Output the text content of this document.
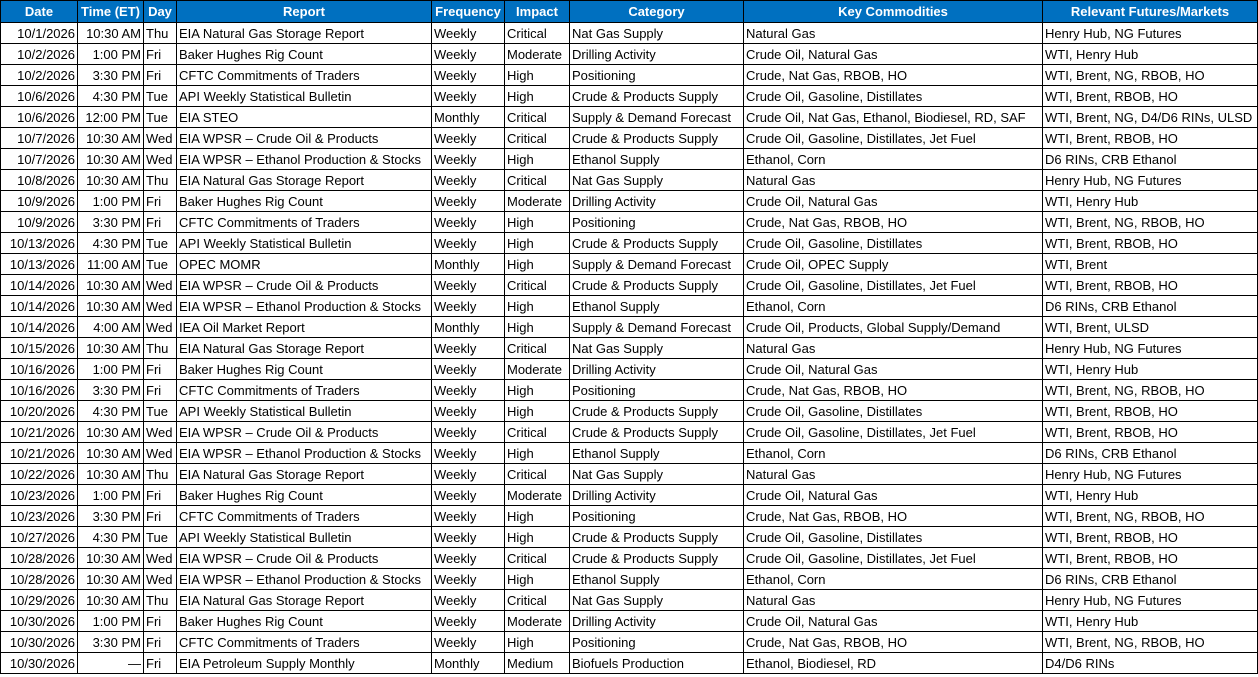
Date	Time (ET)	Day	Report	Frequency	Impact	Category	Key Commodities	Relevant Futures/Markets
10/1/2026	10:30 AM	Thu	EIA Natural Gas Storage Report	Weekly	Critical	Nat Gas Supply	Natural Gas	Henry Hub, NG Futures
10/2/2026	1:00 PM	Fri	Baker Hughes Rig Count	Weekly	Moderate	Drilling Activity	Crude Oil, Natural Gas	WTI, Henry Hub
10/2/2026	3:30 PM	Fri	CFTC Commitments of Traders	Weekly	High	Positioning	Crude, Nat Gas, RBOB, HO	WTI, Brent, NG, RBOB, HO
10/6/2026	4:30 PM	Tue	API Weekly Statistical Bulletin	Weekly	High	Crude & Products Supply	Crude Oil, Gasoline, Distillates	WTI, Brent, RBOB, HO
10/6/2026	12:00 PM	Tue	EIA STEO	Monthly	Critical	Supply & Demand Forecast	Crude Oil, Nat Gas, Ethanol, Biodiesel, RD, SAF	WTI, Brent, NG, D4/D6 RINs, ULSD
10/7/2026	10:30 AM	Wed	EIA WPSR – Crude Oil & Products	Weekly	Critical	Crude & Products Supply	Crude Oil, Gasoline, Distillates, Jet Fuel	WTI, Brent, RBOB, HO
10/7/2026	10:30 AM	Wed	EIA WPSR – Ethanol Production & Stocks	Weekly	High	Ethanol Supply	Ethanol, Corn	D6 RINs, CRB Ethanol
10/8/2026	10:30 AM	Thu	EIA Natural Gas Storage Report	Weekly	Critical	Nat Gas Supply	Natural Gas	Henry Hub, NG Futures
10/9/2026	1:00 PM	Fri	Baker Hughes Rig Count	Weekly	Moderate	Drilling Activity	Crude Oil, Natural Gas	WTI, Henry Hub
10/9/2026	3:30 PM	Fri	CFTC Commitments of Traders	Weekly	High	Positioning	Crude, Nat Gas, RBOB, HO	WTI, Brent, NG, RBOB, HO
10/13/2026	4:30 PM	Tue	API Weekly Statistical Bulletin	Weekly	High	Crude & Products Supply	Crude Oil, Gasoline, Distillates	WTI, Brent, RBOB, HO
10/13/2026	11:00 AM	Tue	OPEC MOMR	Monthly	High	Supply & Demand Forecast	Crude Oil, OPEC Supply	WTI, Brent
10/14/2026	10:30 AM	Wed	EIA WPSR – Crude Oil & Products	Weekly	Critical	Crude & Products Supply	Crude Oil, Gasoline, Distillates, Jet Fuel	WTI, Brent, RBOB, HO
10/14/2026	10:30 AM	Wed	EIA WPSR – Ethanol Production & Stocks	Weekly	High	Ethanol Supply	Ethanol, Corn	D6 RINs, CRB Ethanol
10/14/2026	4:00 AM	Wed	IEA Oil Market Report	Monthly	High	Supply & Demand Forecast	Crude Oil, Products, Global Supply/Demand	WTI, Brent, ULSD
10/15/2026	10:30 AM	Thu	EIA Natural Gas Storage Report	Weekly	Critical	Nat Gas Supply	Natural Gas	Henry Hub, NG Futures
10/16/2026	1:00 PM	Fri	Baker Hughes Rig Count	Weekly	Moderate	Drilling Activity	Crude Oil, Natural Gas	WTI, Henry Hub
10/16/2026	3:30 PM	Fri	CFTC Commitments of Traders	Weekly	High	Positioning	Crude, Nat Gas, RBOB, HO	WTI, Brent, NG, RBOB, HO
10/20/2026	4:30 PM	Tue	API Weekly Statistical Bulletin	Weekly	High	Crude & Products Supply	Crude Oil, Gasoline, Distillates	WTI, Brent, RBOB, HO
10/21/2026	10:30 AM	Wed	EIA WPSR – Crude Oil & Products	Weekly	Critical	Crude & Products Supply	Crude Oil, Gasoline, Distillates, Jet Fuel	WTI, Brent, RBOB, HO
10/21/2026	10:30 AM	Wed	EIA WPSR – Ethanol Production & Stocks	Weekly	High	Ethanol Supply	Ethanol, Corn	D6 RINs, CRB Ethanol
10/22/2026	10:30 AM	Thu	EIA Natural Gas Storage Report	Weekly	Critical	Nat Gas Supply	Natural Gas	Henry Hub, NG Futures
10/23/2026	1:00 PM	Fri	Baker Hughes Rig Count	Weekly	Moderate	Drilling Activity	Crude Oil, Natural Gas	WTI, Henry Hub
10/23/2026	3:30 PM	Fri	CFTC Commitments of Traders	Weekly	High	Positioning	Crude, Nat Gas, RBOB, HO	WTI, Brent, NG, RBOB, HO
10/27/2026	4:30 PM	Tue	API Weekly Statistical Bulletin	Weekly	High	Crude & Products Supply	Crude Oil, Gasoline, Distillates	WTI, Brent, RBOB, HO
10/28/2026	10:30 AM	Wed	EIA WPSR – Crude Oil & Products	Weekly	Critical	Crude & Products Supply	Crude Oil, Gasoline, Distillates, Jet Fuel	WTI, Brent, RBOB, HO
10/28/2026	10:30 AM	Wed	EIA WPSR – Ethanol Production & Stocks	Weekly	High	Ethanol Supply	Ethanol, Corn	D6 RINs, CRB Ethanol
10/29/2026	10:30 AM	Thu	EIA Natural Gas Storage Report	Weekly	Critical	Nat Gas Supply	Natural Gas	Henry Hub, NG Futures
10/30/2026	1:00 PM	Fri	Baker Hughes Rig Count	Weekly	Moderate	Drilling Activity	Crude Oil, Natural Gas	WTI, Henry Hub
10/30/2026	3:30 PM	Fri	CFTC Commitments of Traders	Weekly	High	Positioning	Crude, Nat Gas, RBOB, HO	WTI, Brent, NG, RBOB, HO
10/30/2026	—	Fri	EIA Petroleum Supply Monthly	Monthly	Medium	Biofuels Production	Ethanol, Biodiesel, RD	D4/D6 RINs
